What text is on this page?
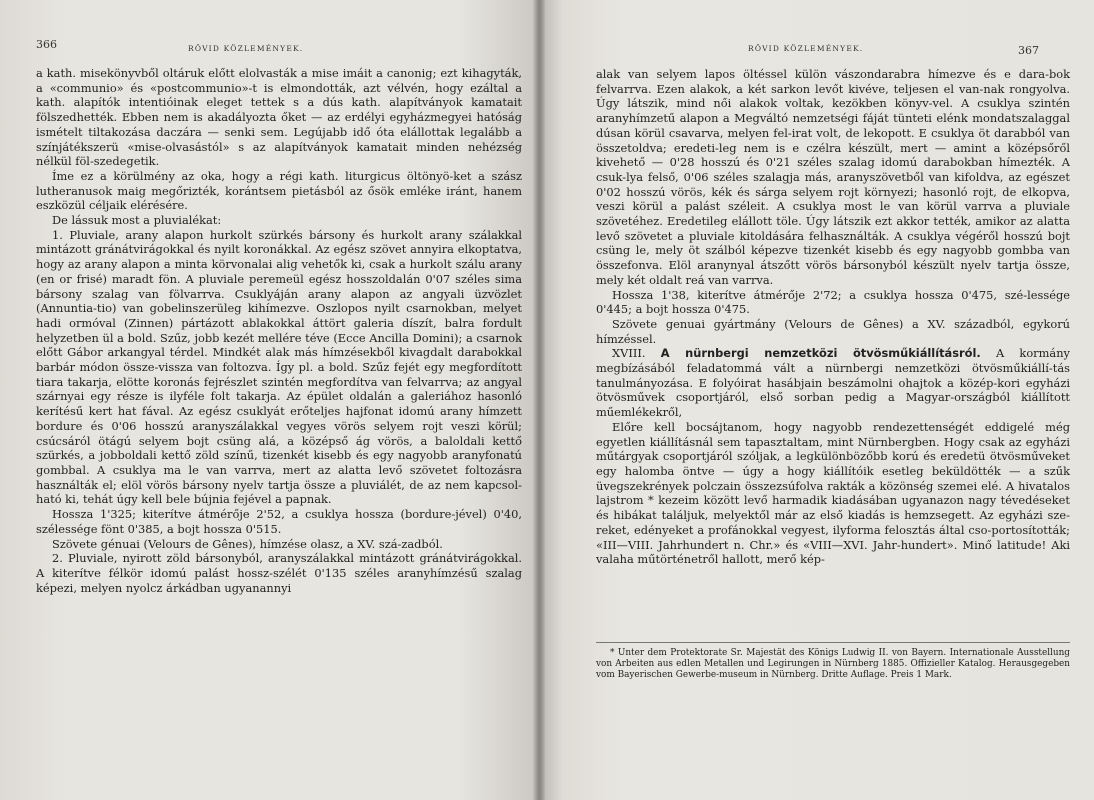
366	RÖVID KÖZLEMÉNYEK.

a kath. misekönyvből oltáruk előtt elolvasták a mise imáit a canonig; ezt kihagyták, a «communio» és «postcommunio»-t is elmondották, azt vélvén, hogy ezáltal a kath. alapítók intentióinak eleget tettek s a dús kath. alapítványok kamatait fölszedhették. Ebben nem is akadályozta őket — az erdélyi egyházmegyei hatóság ismételt tiltakozása daczára — senki sem. Legújabb idő óta elállottak legalább a színjátékszerü «mise-olvasástól» s az alapítványok kamatait minden nehézség nélkül föl-szedegetik.

Íme ez a körülmény az oka, hogy a régi kath. liturgicus öltönyö-ket a szász lutheranusok maig megőrizték, korántsem pietásból az ősök emléke iránt, hanem eszközül céljaik elérésére.

De lássuk most a pluvialékat:

1. Pluviale, arany alapon hurkolt szürkés bársony és hurkolt arany szálakkal mintázott gránátvirágokkal és nyilt koronákkal. Az egész szövet annyira elkoptatva, hogy az arany alapon a minta körvonalai alig vehetők ki, csak a hurkolt szálu arany (en or frisé) maradt fön. A pluviale peremeül egész hosszoldalán 0'07 széles sima bársony szalag van fölvarrva. Csuklyáján arany alapon az angyali üzvözlet (Annuntia-tio) van gobelinszerüleg kihímezve. Oszlopos nyilt csarnokban, melyet hadi ormóval (Zinnen) pártázott ablakokkal áttört galeria díszít, balra fordult helyzetben ül a bold. Szűz, jobb kezét mellére téve (Ecce Ancilla Domini); a csarnok előtt Gábor arkangyal térdel. Mindkét alak más hímzésekből kivagdalt darabokkal barbár módon össze-vissza van foltozva. Így pl. a bold. Szűz fejét egy megfordított tiara takarja, elötte koronás fejrészlet szintén megfordítva van felvarrva; az angyal szárnyai egy része is ilyféle folt takarja. Az épület oldalán a galeriához hasonló kerítésű kert hat fával. Az egész csuklyát erőteljes hajfonat idomú arany hímzett bordure és 0'06 hosszú aranyszálakkal vegyes vörös selyem rojt veszi körül; csúcsáról ötágú selyem bojt csüng alá, a középső ág vörös, a baloldali kettő szürkés, a jobboldali kettő zöld színű, tizenkét kisebb és egy nagyobb aranyfonatú gombbal. A csuklya ma le van varrva, mert az alatta levő szövetet foltozásra használták el; elöl vörös bársony nyelv tartja össze a pluviálét, de az nem kapcsol-ható ki, tehát úgy kell bele bújnia fejével a papnak.

Hossza 1'325; kiterítve átmérője 2'52, a csuklya hossza (bordure-jével) 0'40, szélessége fönt 0'385, a bojt hossza 0'515.

Szövete génuai (Velours de Gênes), hímzése olasz, a XV. szá-zadból.

2. Pluviale, nyirott zöld bársonyból, aranyszálakkal mintázott gránátvirágokkal. A kiterítve félkör idomú palást hossz-szélét 0'135 széles aranyhímzésű szalag képezi, melyen nyolcz árkádban ugyanannyi

RÖVID KÖZLEMÉNYEK.	367

alak van selyem lapos öltéssel külön vászondarabra hímezve és e dara-bok felvarrva. Ezen alakok, a két sarkon levőt kivéve, teljesen el van-nak rongyolva. Úgy látszik, mind női alakok voltak, kezökben könyv-vel. A csuklya szintén aranyhímzetű alapon a Megváltó nemzetségi fáját tünteti elénk mondatszalaggal dúsan körül csavarva, melyen fel-irat volt, de lekopott. E csuklya öt darabból van összetoldva; eredeti-leg nem is e czélra készült, mert — amint a középsőről kivehető — 0'28 hosszú és 0'21 széles szalag idomú darabokban hímezték. A csuk-lya felső, 0'06 széles szalagja más, aranyszövetből van kifoldva, az egészet 0'02 hosszú vörös, kék és sárga selyem rojt környezi; hasonló rojt, de elkopva, veszi körül a palást széleit. A csuklya most le van körül varrva a pluviale szövetéhez. Eredetileg elállott töle. Úgy látszik ezt akkor tették, amikor az alatta levő szövetet a pluviale kitoldására felhasználták. A csuklya végéről hosszú bojt csüng le, mely öt szálból képezve tizenkét kisebb és egy nagyobb gombba van összefonva. Elöl aranynyal átszőtt vörös bársonyból készült nyelv tartja össze, mely két oldalt reá van varrva.

Hossza 1'38, kiterítve átmérője 2'72; a csuklya hossza 0'475, szé-lessége 0'445; a bojt hossza 0'475.

Szövete genuai gyártmány (Velours de Gênes) a XV. századból, egykorú hímzéssel.

XVIII. A nürnbergi nemzetközi ötvösműkiállításról. A kormány megbízásából feladatommá vált a nürnbergi nemzetközi ötvösműkiállí-tás tanulmányozása. E folyóirat hasábjain beszámolni ohajtok a közép-kori egyházi ötvösművek csoportjáról, első sorban pedig a Magyar-országból kiállított műemlékekről,

Előre kell bocsájtanom, hogy nagyobb rendezettenségét eddigelé még egyetlen kiállításnál sem tapasztaltam, mint Nürnbergben. Hogy csak az egyházi műtárgyak csoportjáról szóljak, a legkülönbözőbb korú és eredetü ötvösműveket egy halomba öntve — úgy a hogy kiállítóik esetleg beküldötték — a szűk üvegszekrények polczain összezsúfolva rakták a közönség szemei elé. A hivatalos lajstrom * kezeim között levő harmadik kiadásában ugyanazon nagy tévedéseket és hibákat találjuk, melyektől már az első kiadás is hemzsegett. Az egyházi sze-reket, edényeket a profánokkal vegyest, ilyforma felosztás által cso-portosították; «III—VIII. Jahrhundert n. Chr.» és «VIII—XVI. Jahr-hundert». Minő latitude! Aki valaha műtörténetről hallott, merő kép-

* Unter dem Protektorate Sr. Majestät des Königs Ludwig II. von Bayern. Internationale Ausstellung von Arbeiten aus edlen Metallen und Legirungen in Nürnberg 1885. Offizieller Katalog. Herausgegeben vom Bayerischen Gewerbe-museum in Nürnberg. Dritte Auflage. Preis 1 Mark.
